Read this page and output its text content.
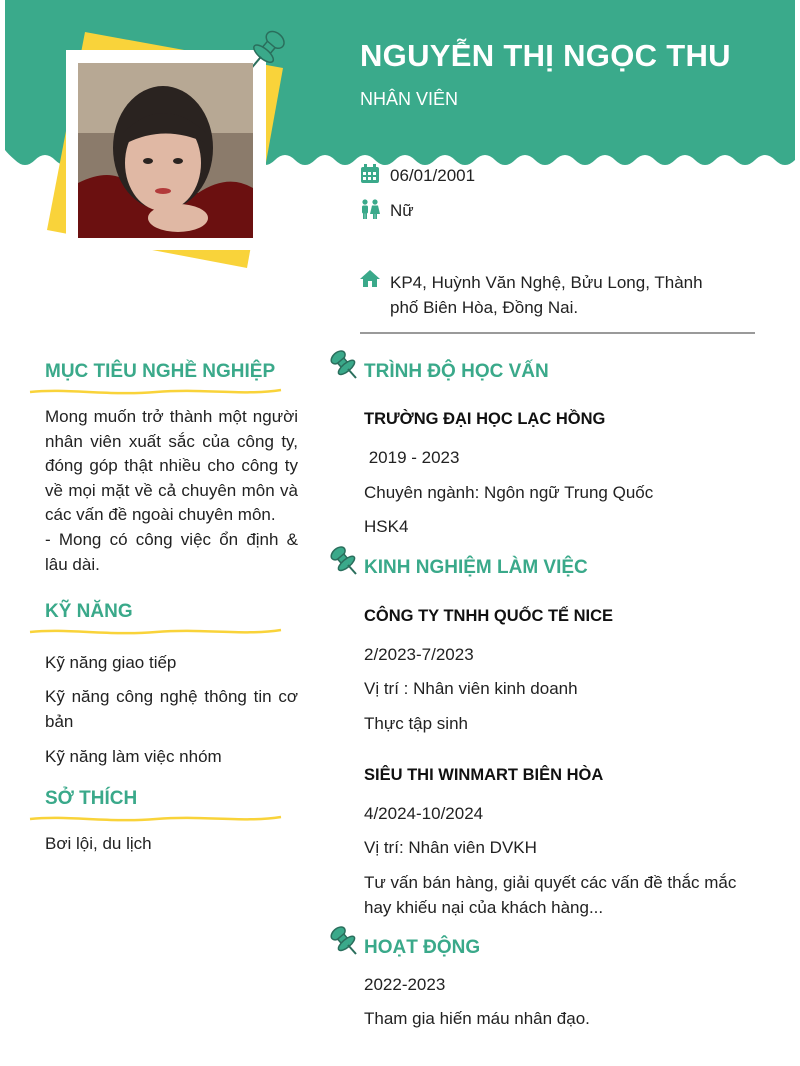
NGUYỄN THỊ NGỌC THU
NHÂN VIÊN
06/01/2001
Nữ
KP4, Huỳnh Văn Nghệ, Bửu Long, Thành phố Biên Hòa, Đồng Nai.
MỤC TIÊU NGHỀ NGHIỆP
Mong muốn trở thành một người nhân viên xuất sắc của công ty, đóng góp thật nhiều cho công ty về mọi mặt về cả chuyên môn và các vấn đề ngoài chuyên môn.
- Mong có công việc ổn định & lâu dài.
KỸ NĂNG
Kỹ năng giao tiếp
Kỹ năng công nghệ thông tin cơ bản
Kỹ năng làm việc nhóm
SỞ THÍCH
Bơi lội, du lịch
TRÌNH ĐỘ HỌC VẤN
TRƯỜNG ĐẠI HỌC LẠC HỒNG
2019 - 2023
Chuyên ngành: Ngôn ngữ Trung Quốc
HSK4
KINH NGHIỆM LÀM VIỆC
CÔNG TY TNHH QUỐC TẾ NICE
2/2023-7/2023
Vị trí : Nhân viên kinh doanh
Thực tập sinh
SIÊU THI WINMART BIÊN HÒA
4/2024-10/2024
Vị trí: Nhân viên DVKH
Tư vấn bán hàng, giải quyết các vấn đề thắc mắc hay khiếu nại của khách hàng...
HOẠT ĐỘNG
2022-2023
Tham gia hiến máu nhân đạo.
